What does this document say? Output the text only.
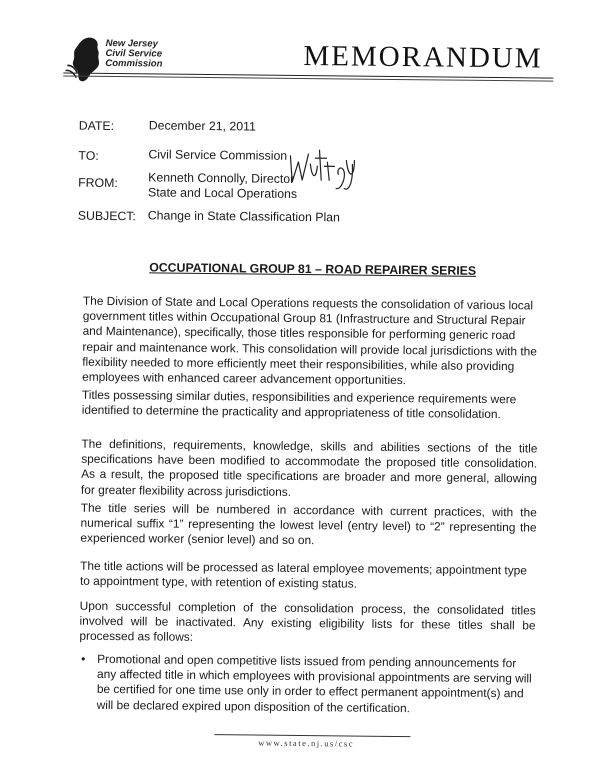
New Jersey
Civil Service
Commission	MEMORANDUM
DATE:	December 21, 2011
TO:	Civil Service Commission
FROM: Kenneth Connolly, Director
State and Local Operations
SUBJECT: Change in State Classification Plan
OCCUPATIONAL GROUP 81 – ROAD REPAIRER SERIES
The Division of State and Local Operations requests the consolidation of various local government titles within Occupational Group 81 (Infrastructure and Structural Repair and Maintenance), specifically, those titles responsible for performing generic road repair and maintenance work. This consolidation will provide local jurisdictions with the flexibility needed to more efficiently meet their responsibilities, while also providing employees with enhanced career advancement opportunities.
Titles possessing similar duties, responsibilities and experience requirements were identified to determine the practicality and appropriateness of title consolidation.
The definitions, requirements, knowledge, skills and abilities sections of the title specifications have been modified to accommodate the proposed title consolidation. As a result, the proposed title specifications are broader and more general, allowing for greater flexibility across jurisdictions.
The title series will be numbered in accordance with current practices, with the numerical suffix “1” representing the lowest level (entry level) to “2” representing the experienced worker (senior level) and so on.
The title actions will be processed as lateral employee movements; appointment type to appointment type, with retention of existing status.
Upon successful completion of the consolidation process, the consolidated titles involved will be inactivated. Any existing eligibility lists for these titles shall be processed as follows:
• Promotional and open competitive lists issued from pending announcements for any affected title in which employees with provisional appointments are serving will be certified for one time use only in order to effect permanent appointment(s) and will be declared expired upon disposition of the certification.
www.state.nj.us/csc
